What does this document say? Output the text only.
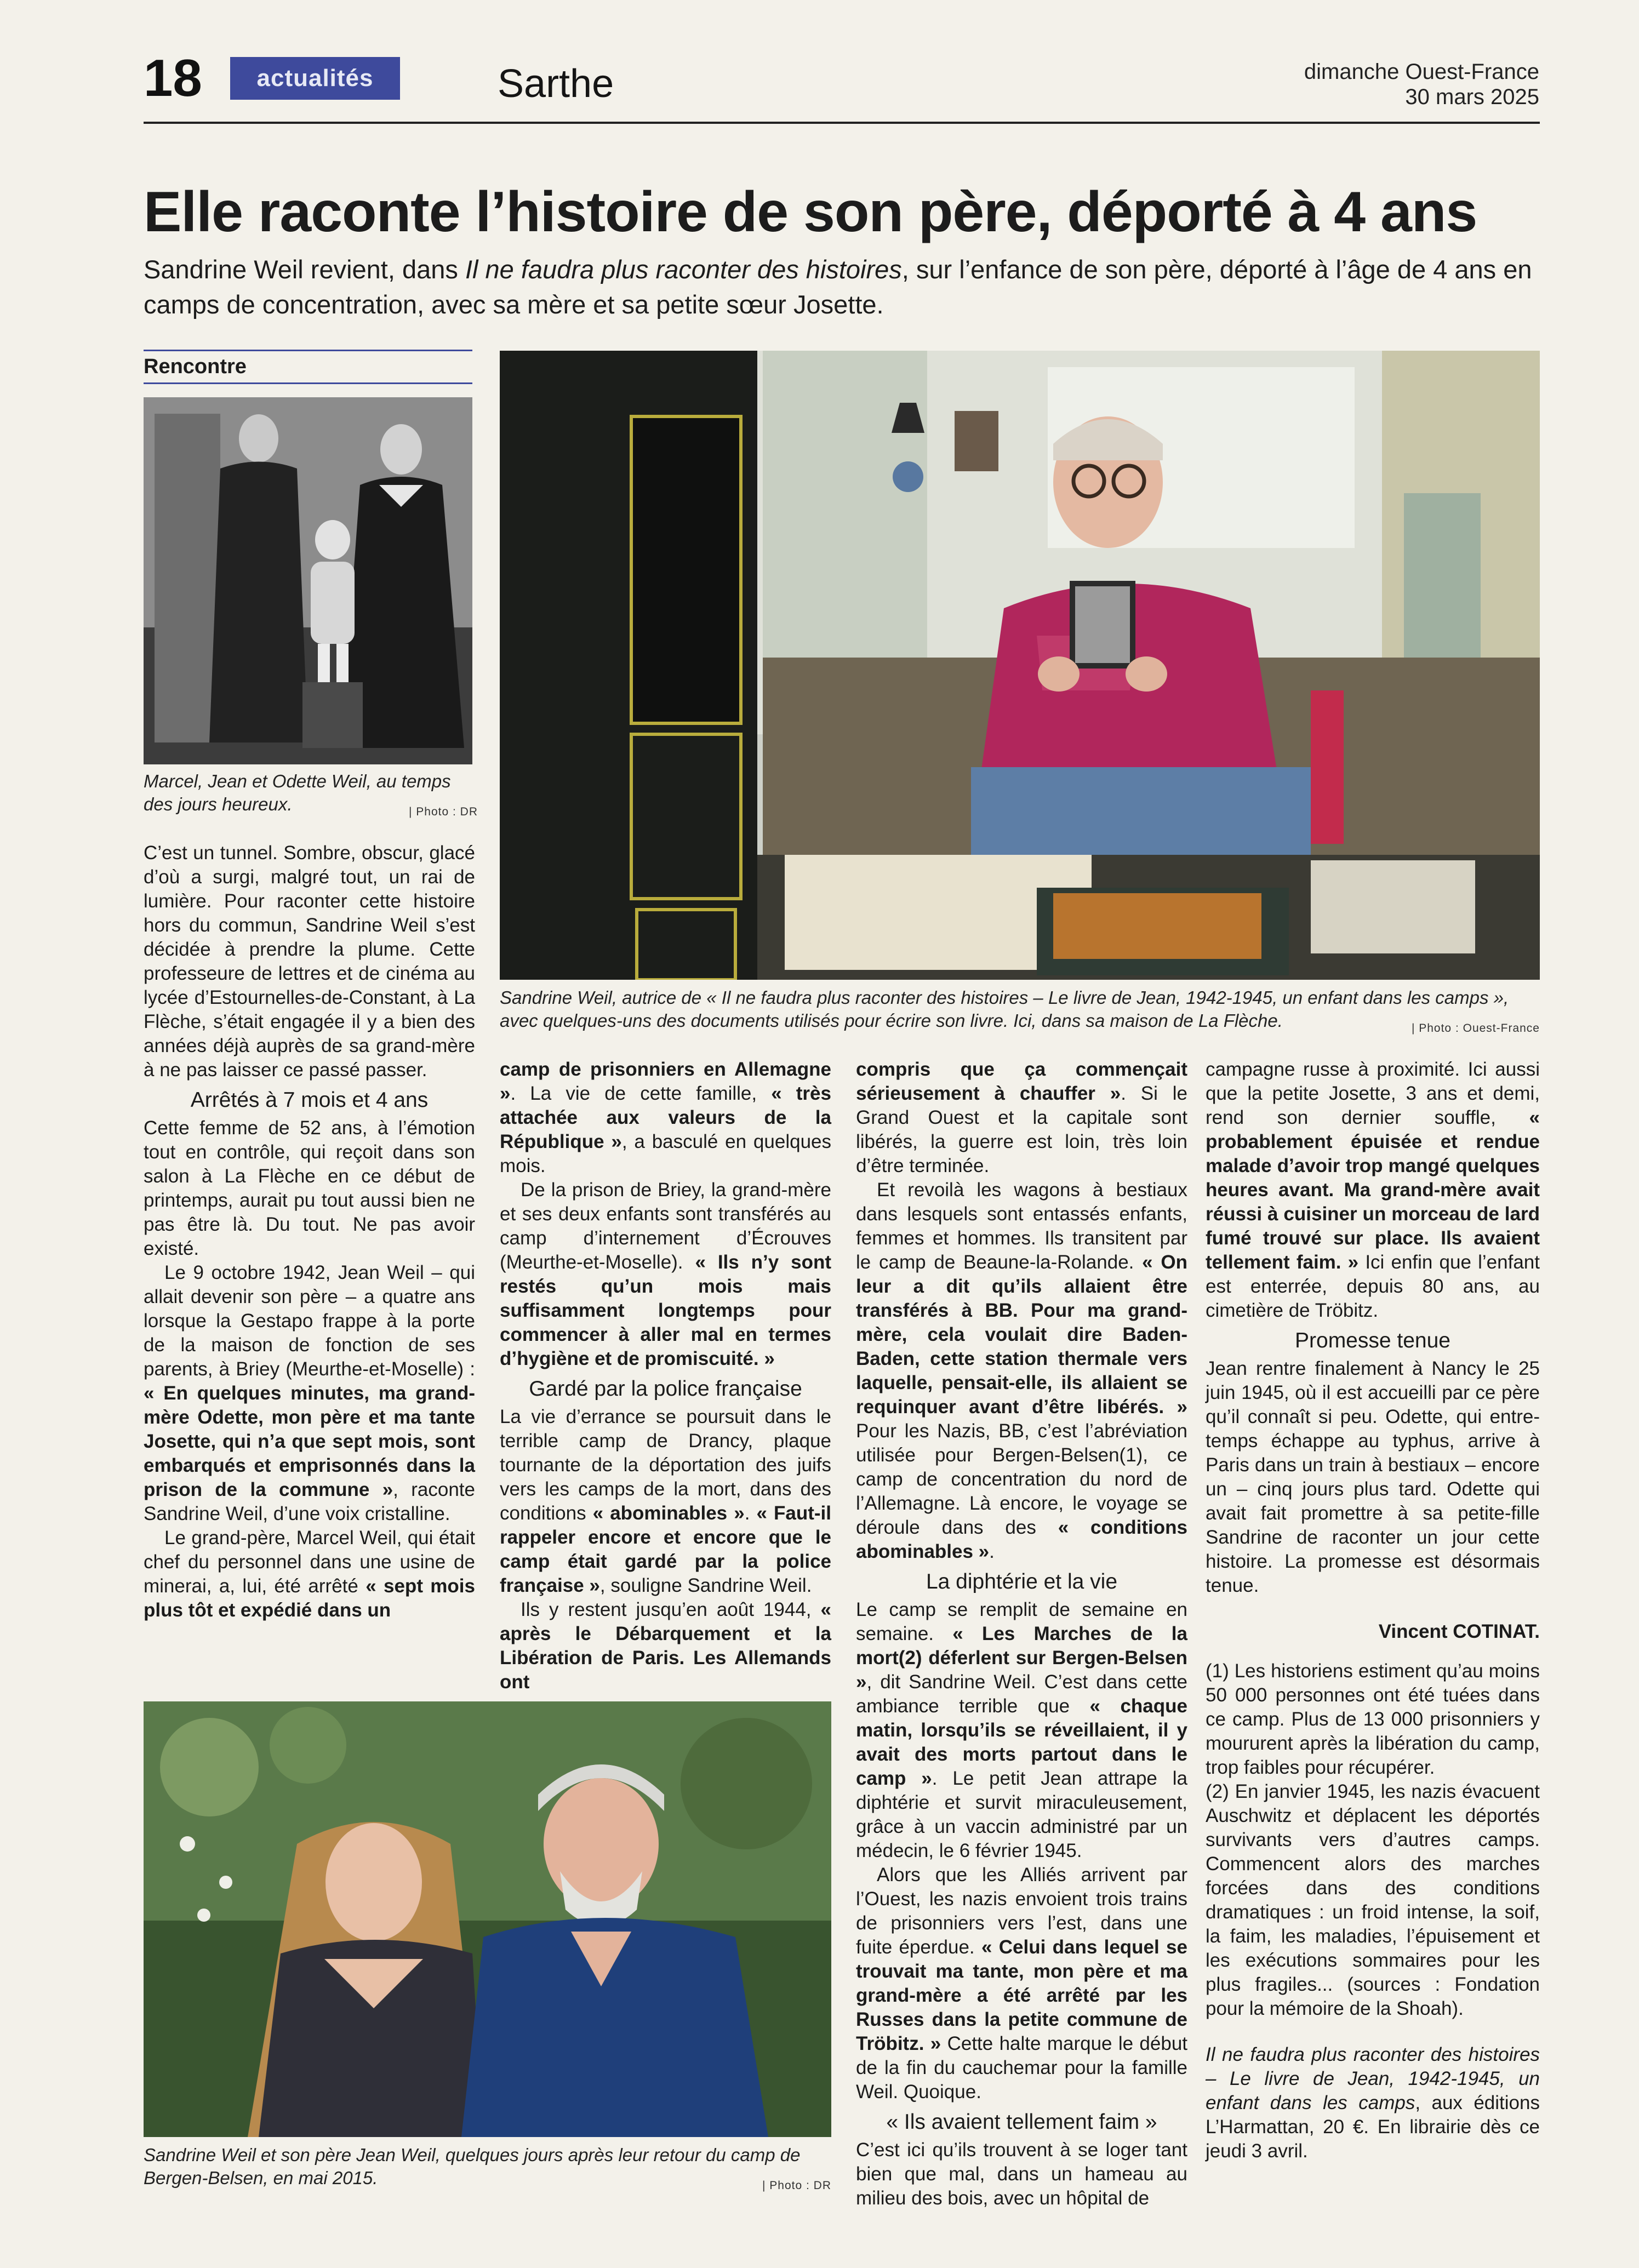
18	actualités	Sarthe	dimanche Ouest-France
30 mars 2025
Elle raconte l’histoire de son père, déporté à 4 ans
Sandrine Weil revient, dans Il ne faudra plus raconter des histoires, sur l’enfance de son père, déporté à l’âge de 4 ans en camps de concentration, avec sa mère et sa petite sœur Josette.
Rencontre
Marcel, Jean et Odette Weil, au temps des jours heureux.	| Photo : DR
Sandrine Weil, autrice de « Il ne faudra plus raconter des histoires – Le livre de Jean, 1942-1945, un enfant dans les camps », avec quelques-uns des documents utilisés pour écrire son livre. Ici, dans sa maison de La Flèche.	| Photo : Ouest-France
Sandrine Weil et son père Jean Weil, quelques jours après leur retour du camp de Bergen-Belsen, en mai 2015.	| Photo : DR

C’est un tunnel. Sombre, obscur, glacé d’où a surgi, malgré tout, un rai de lumière. Pour raconter cette histoire hors du commun, Sandrine Weil s’est décidée à prendre la plume. Cette professeure de lettres et de cinéma au lycée d’Estournelles-de-Constant, à La Flèche, s’était engagée il y a bien des années déjà auprès de sa grand-mère à ne pas laisser ce passé passer.

Arrêtés à 7 mois et 4 ans

Cette femme de 52 ans, à l’émotion tout en contrôle, qui reçoit dans son salon à La Flèche en ce début de printemps, aurait pu tout aussi bien ne pas être là. Du tout. Ne pas avoir existé.

Le 9 octobre 1942, Jean Weil – qui allait devenir son père – a quatre ans lorsque la Gestapo frappe à la porte de la maison de fonction de ses parents, à Briey (Meurthe-et-Moselle) : « En quelques minutes, ma grand-mère Odette, mon père et ma tante Josette, qui n’a que sept mois, sont embarqués et emprisonnés dans la prison de la commune », raconte Sandrine Weil, d’une voix cristalline.

Le grand-père, Marcel Weil, qui était chef du personnel dans une usine de minerai, a, lui, été arrêté « sept mois plus tôt et expédié dans un

camp de prisonniers en Allemagne ». La vie de cette famille, « très attachée aux valeurs de la République », a basculé en quelques mois.

De la prison de Briey, la grand-mère et ses deux enfants sont transférés au camp d’internement d’Écrouves (Meurthe-et-Moselle). « Ils n’y sont restés qu’un mois mais suffisamment longtemps pour commencer à aller mal en termes d’hygiène et de promiscuité. »

Gardé par la police française

La vie d’errance se poursuit dans le terrible camp de Drancy, plaque tournante de la déportation des juifs vers les camps de la mort, dans des conditions « abominables ». « Faut-il rappeler encore et encore que le camp était gardé par la police française », souligne Sandrine Weil.

Ils y restent jusqu’en août 1944, « après le Débarquement et la Libération de Paris. Les Allemands ont

compris que ça commençait sérieusement à chauffer ». Si le Grand Ouest et la capitale sont libérés, la guerre est loin, très loin d’être terminée.

Et revoilà les wagons à bestiaux dans lesquels sont entassés enfants, femmes et hommes. Ils transitent par le camp de Beaune-la-Rolande. « On leur a dit qu’ils allaient être transférés à BB. Pour ma grand-mère, cela voulait dire Baden-Baden, cette station thermale vers laquelle, pensait-elle, ils allaient se requinquer avant d’être libérés. » Pour les Nazis, BB, c’est l’abréviation utilisée pour Bergen-Belsen(1), ce camp de concentration du nord de l’Allemagne. Là encore, le voyage se déroule dans des « conditions abominables ».

La diphtérie et la vie

Le camp se remplit de semaine en semaine. « Les Marches de la mort(2) déferlent sur Bergen-Belsen », dit Sandrine Weil. C’est dans cette ambiance terrible que « chaque matin, lorsqu’ils se réveillaient, il y avait des morts partout dans le camp ». Le petit Jean attrape la diphtérie et survit miraculeusement, grâce à un vaccin administré par un médecin, le 6 février 1945.

Alors que les Alliés arrivent par l’Ouest, les nazis envoient trois trains de prisonniers vers l’est, dans une fuite éperdue. « Celui dans lequel se trouvait ma tante, mon père et ma grand-mère a été arrêté par les Russes dans la petite commune de Tröbitz. » Cette halte marque le début de la fin du cauchemar pour la famille Weil. Quoique.

« Ils avaient tellement faim »

C’est ici qu’ils trouvent à se loger tant bien que mal, dans un hameau au milieu des bois, avec un hôpital de

campagne russe à proximité. Ici aussi que la petite Josette, 3 ans et demi, rend son dernier souffle, « probablement épuisée et rendue malade d’avoir trop mangé quelques heures avant. Ma grand-mère avait réussi à cuisiner un morceau de lard fumé trouvé sur place. Ils avaient tellement faim. » Ici enfin que l’enfant est enterrée, depuis 80 ans, au cimetière de Tröbitz.

Promesse tenue

Jean rentre finalement à Nancy le 25 juin 1945, où il est accueilli par ce père qu’il connaît si peu. Odette, qui entre-temps échappe au typhus, arrive à Paris dans un train à bestiaux – encore un – cinq jours plus tard. Odette qui avait fait promettre à sa petite-fille Sandrine de raconter un jour cette histoire. La promesse est désormais tenue.

Vincent COTINAT.

(1) Les historiens estiment qu’au moins 50 000 personnes ont été tuées dans ce camp. Plus de 13 000 prisonniers y moururent après la libération du camp, trop faibles pour récupérer.

(2) En janvier 1945, les nazis évacuent Auschwitz et déplacent les déportés survivants vers d’autres camps. Commencent alors des marches forcées dans des conditions dramatiques : un froid intense, la soif, la faim, les maladies, l’épuisement et les exécutions sommaires pour les plus fragiles... (sources : Fondation pour la mémoire de la Shoah).

Il ne faudra plus raconter des histoires – Le livre de Jean, 1942-1945, un enfant dans les camps, aux éditions L’Harmattan, 20 €. En librairie dès ce jeudi 3 avril.
